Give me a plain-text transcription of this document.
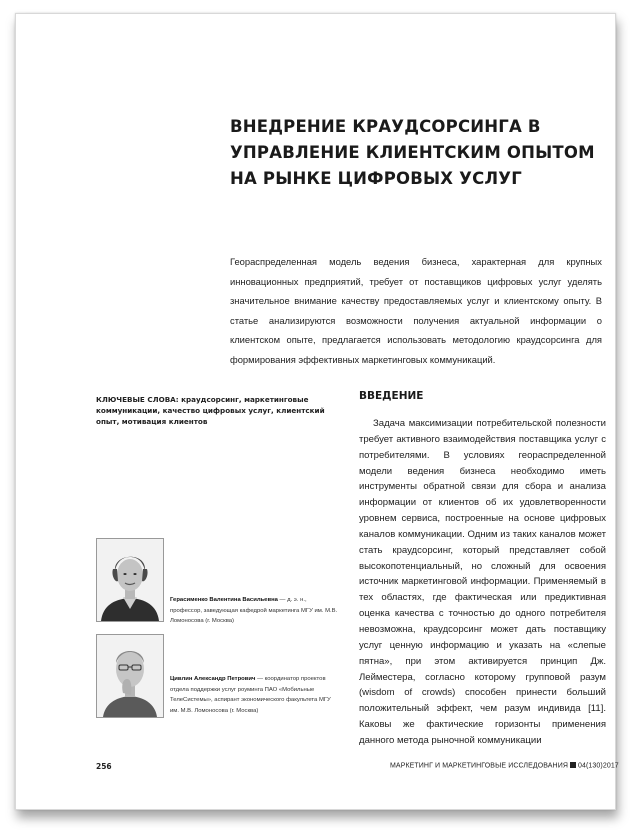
ВНЕДРЕНИЕ КРАУДСОРСИНГА В УПРАВЛЕНИЕ КЛИЕНТСКИМ ОПЫТОМ НА РЫНКЕ ЦИФРОВЫХ УСЛУГ

Геораспределенная модель ведения бизнеса, характерная для крупных инновационных предприятий, требует от поставщиков цифровых услуг уделять значительное внимание качеству предоставляемых услуг и клиентскому опыту. В статье анализируются возможности получения актуальной информации о клиентском опыте, предлагается использовать методологию краудсорсинга для формирования эффективных маркетинговых коммуникаций.

КЛЮЧЕВЫЕ СЛОВА: краудсорсинг, маркетинговые коммуникации, качество цифровых услуг, клиентский опыт, мотивация клиентов

ВВЕДЕНИЕ

Задача максимизации потребительской полезности требует активного взаимодействия поставщика услуг с потребителями. В условиях геораспределенной модели ведения бизнеса необходимо иметь инструменты обратной связи для сбора и анализа информации от клиентов об их удовлетворенности уровнем сервиса, построенные на основе цифровых каналов коммуникации. Одним из таких каналов может стать краудсорсинг, который представляет собой высокопотенциальный, но сложный для освоения источник маркетинговой информации. Применяемый в тех областях, где фактическая или предиктивная оценка качества с точностью до одного потребителя невозможна, краудсорсинг может дать поставщику услуг ценную информацию и указать на «слепые пятна», при этом активируется принцип Дж. Лейместера, согласно которому групповой разум (wisdom of crowds) способен принести больший положительный эффект, чем разум индивида [11]. Каковы же фактические горизонты применения данного метода рыночной коммуникации

Герасименко Валентина Васильевна — д. э. н., профессор, заведующая кафедрой маркетинга МГУ им. М.В. Ломоносова (г. Москва)

Цивлин Александр Петрович — координатор проектов отдела поддержки услуг роуминга ПАО «Мобильные ТелеСистемы», аспирант экономического факультета МГУ им. М.В. Ломоносова (г. Москва)

256	МАРКЕТИНГ И МАРКЕТИНГОВЫЕ ИССЛЕДОВАНИЯ 04(130)2017
